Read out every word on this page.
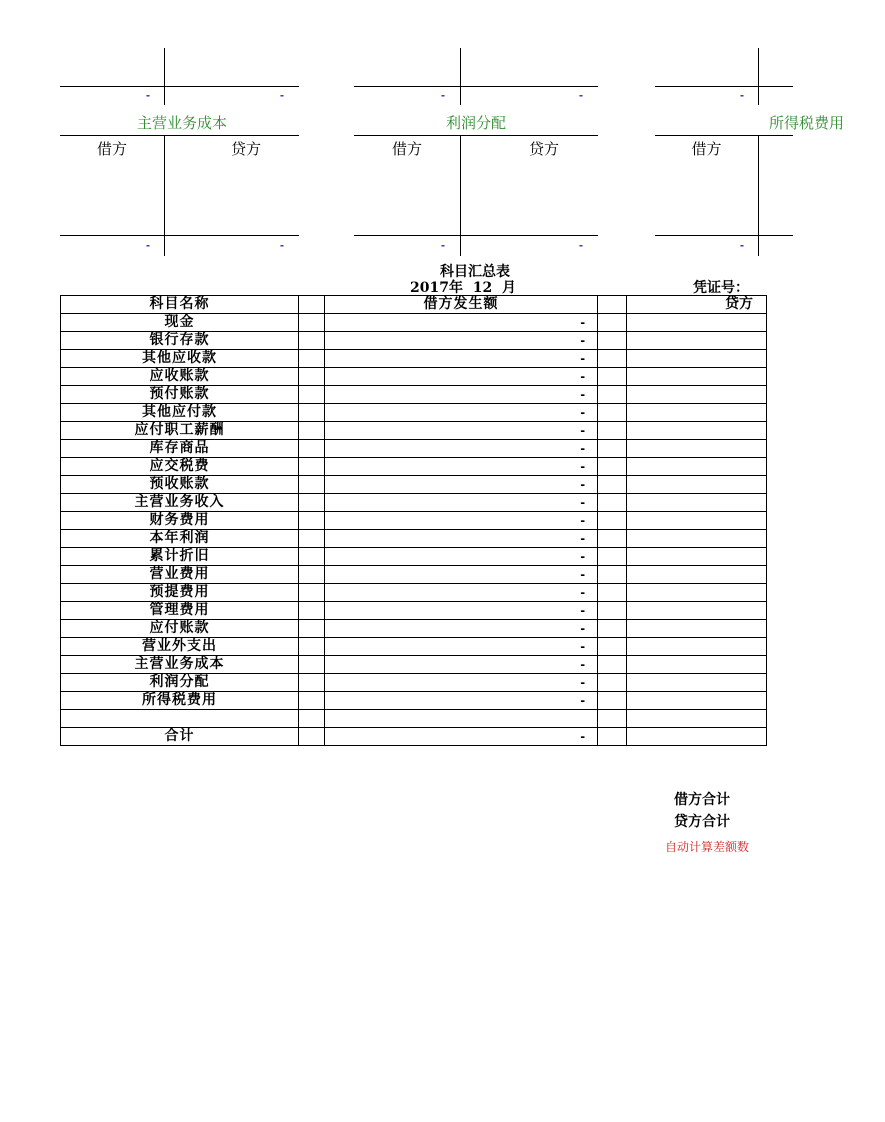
-	-	-	-	-
主营业务成本
借方	贷方
-	-
利润分配
借方	贷方
-	-
所得税费用
借方
-
科目汇总表
2017年  12  月	凭证号：
科目名称		借方发生额		贷方
现金		-		
银行存款		-		
其他应收款		-		
应收账款		-		
预付账款		-		
其他应付款		-		
应付职工薪酬		-		
库存商品		-		
应交税费		-		
预收账款		-		
主营业务收入		-		
财务费用		-		
本年利润		-		
累计折旧		-		
营业费用		-		
预提费用		-		
管理费用		-		
应付账款		-		
营业外支出		-		
主营业务成本		-		
利润分配		-		
所得税费用		-		

合计		-		
借方合计
贷方合计
自动计算差额数
